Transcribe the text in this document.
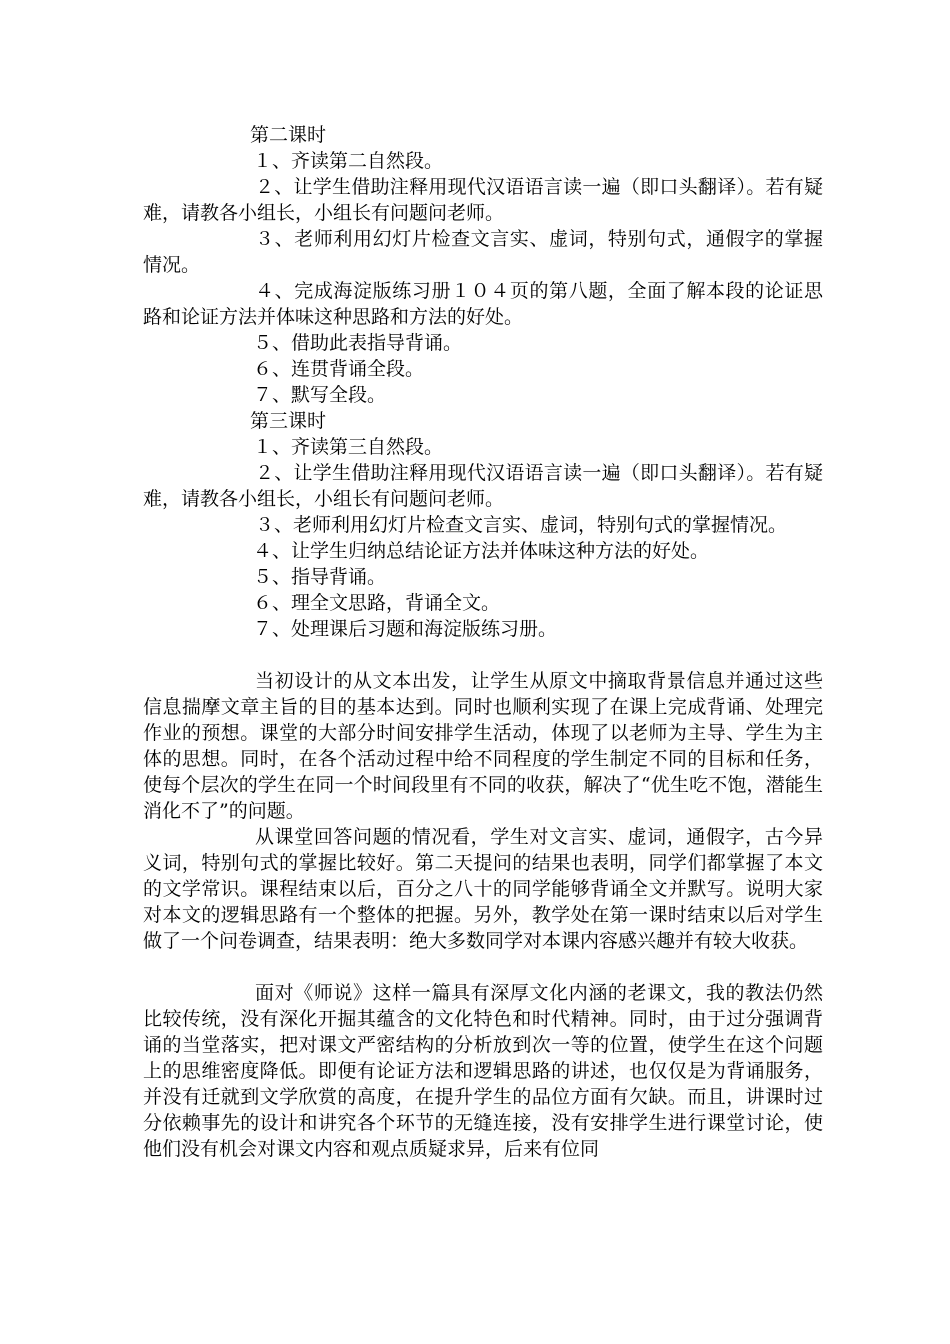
第二课时

１、齐读第二自然段。

２、让学生借助注释用现代汉语语言读一遍（即口头翻译）。若有疑难，请教各小组长，小组长有问题问老师。

３、老师利用幻灯片检查文言实、虚词，特别句式，通假字的掌握情况。

４、完成海淀版练习册１０４页的第八题，全面了解本段的论证思路和论证方法并体味这种思路和方法的好处。

５、借助此表指导背诵。

６、连贯背诵全段。

７、默写全段。

第三课时

１、齐读第三自然段。

２、让学生借助注释用现代汉语语言读一遍（即口头翻译）。若有疑难，请教各小组长，小组长有问题问老师。

３、老师利用幻灯片检查文言实、虚词，特别句式的掌握情况。

４、让学生归纳总结论证方法并体味这种方法的好处。

５、指导背诵。

６、理全文思路，背诵全文。

７、处理课后习题和海淀版练习册。

当初设计的从文本出发，让学生从原文中摘取背景信息并通过这些信息揣摩文章主旨的目的基本达到。同时也顺利实现了在课上完成背诵、处理完作业的预想。课堂的大部分时间安排学生活动，体现了以老师为主导、学生为主体的思想。同时，在各个活动过程中给不同程度的学生制定不同的目标和任务，使每个层次的学生在同一个时间段里有不同的收获，解决了“优生吃不饱，潜能生消化不了”的问题。

从课堂回答问题的情况看，学生对文言实、虚词，通假字，古今异义词，特别句式的掌握比较好。第二天提问的结果也表明，同学们都掌握了本文的文学常识。课程结束以后，百分之八十的同学能够背诵全文并默写。说明大家对本文的逻辑思路有一个整体的把握。另外，教学处在第一课时结束以后对学生做了一个问卷调查，结果表明：绝大多数同学对本课内容感兴趣并有较大收获。

面对《师说》这样一篇具有深厚文化内涵的老课文，我的教法仍然比较传统，没有深化开掘其蕴含的文化特色和时代精神。同时，由于过分强调背诵的当堂落实，把对课文严密结构的分析放到次一等的位置，使学生在这个问题上的思维密度降低。即便有论证方法和逻辑思路的讲述，也仅仅是为背诵服务，并没有迁就到文学欣赏的高度，在提升学生的品位方面有欠缺。而且，讲课时过分依赖事先的设计和讲究各个环节的无缝连接，没有安排学生进行课堂讨论，使他们没有机会对课文内容和观点质疑求异，后来有位同
